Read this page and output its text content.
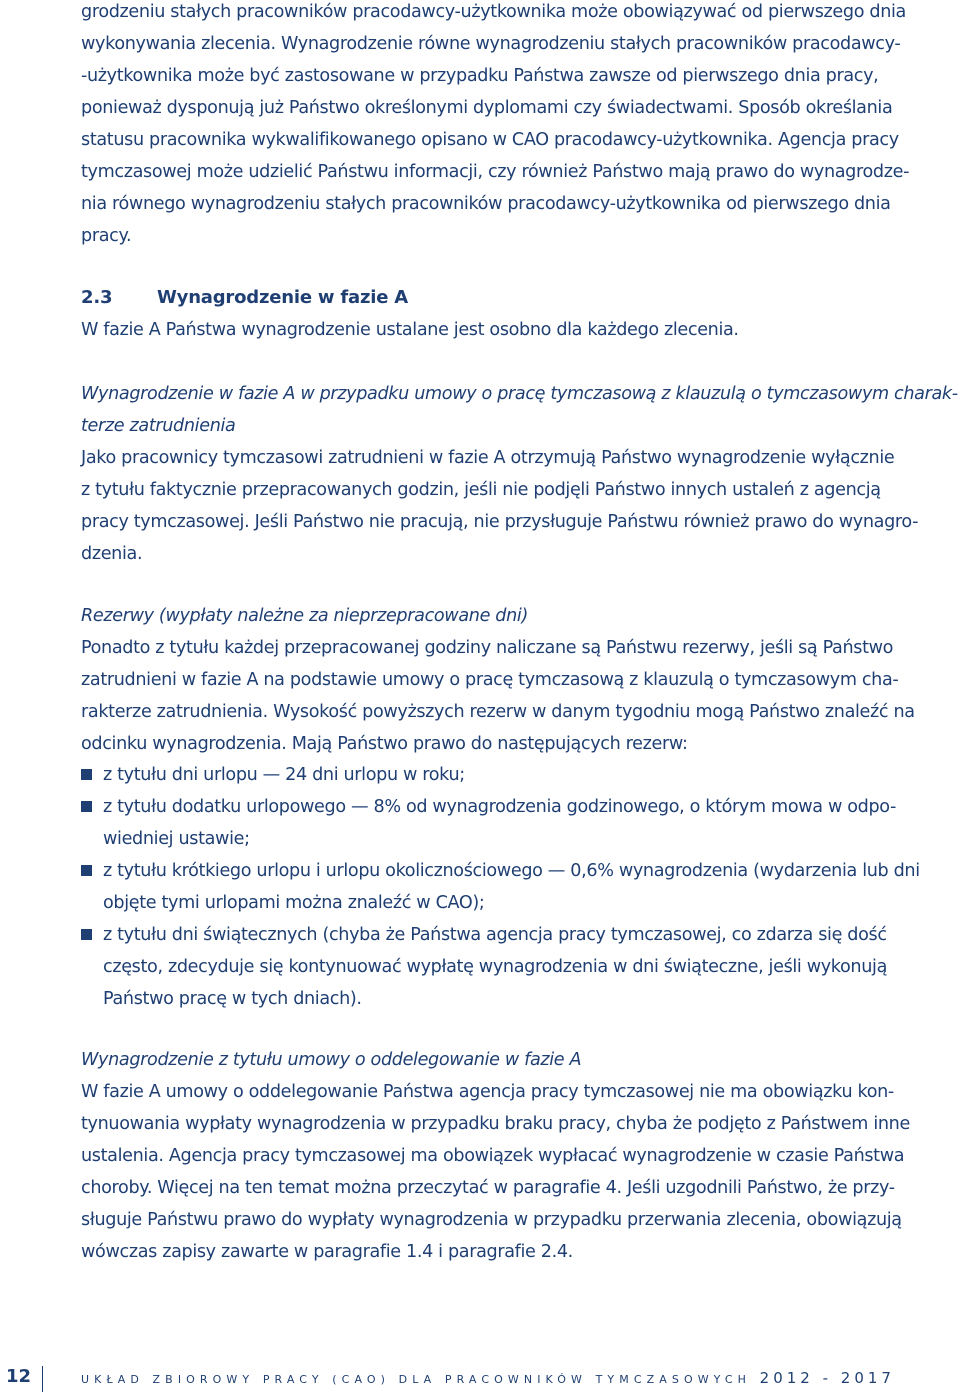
grodzeniu stałych pracowników pracodawcy-użytkownika może obowiązywać od pierwszego dnia
wykonywania zlecenia. Wynagrodzenie równe wynagrodzeniu stałych pracowników pracodawcy-
-użytkownika może być zastosowane w przypadku Państwa zawsze od pierwszego dnia pracy,
ponieważ dysponują już Państwo określonymi dyplomami czy świadectwami. Sposób określania
statusu pracownika wykwalifikowanego opisano w CAO pracodawcy-użytkownika. Agencja pracy
tymczasowej może udzielić Państwu informacji, czy również Państwo mają prawo do wynagrodze-
nia równego wynagrodzeniu stałych pracowników pracodawcy-użytkownika od pierwszego dnia
pracy.
2.3 Wynagrodzenie w fazie A
W fazie A Państwa wynagrodzenie ustalane jest osobno dla każdego zlecenia.
Wynagrodzenie w fazie A w przypadku umowy o pracę tymczasową z klauzulą o tymczasowym charak-
terze zatrudnienia
Jako pracownicy tymczasowi zatrudnieni w fazie A otrzymują Państwo wynagrodzenie wyłącznie
z tytułu faktycznie przepracowanych godzin, jeśli nie podjęli Państwo innych ustaleń z agencją
pracy tymczasowej. Jeśli Państwo nie pracują, nie przysługuje Państwu również prawo do wynagro-
dzenia.
Rezerwy (wypłaty należne za nieprzepracowane dni)
Ponadto z tytułu każdej przepracowanej godziny naliczane są Państwu rezerwy, jeśli są Państwo
zatrudnieni w fazie A na podstawie umowy o pracę tymczasową z klauzulą o tymczasowym cha-
rakterze zatrudnienia. Wysokość powyższych rezerw w danym tygodniu mogą Państwo znaleźć na
odcinku wynagrodzenia. Mają Państwo prawo do następujących rezerw:
z tytułu dni urlopu — 24 dni urlopu w roku;
z tytułu dodatku urlopowego — 8% od wynagrodzenia godzinowego, o którym mowa w odpo-
wiedniej ustawie;
z tytułu krótkiego urlopu i urlopu okolicznościowego — 0,6% wynagrodzenia (wydarzenia lub dni
objęte tymi urlopami można znaleźć w CAO);
z tytułu dni świątecznych (chyba że Państwa agencja pracy tymczasowej, co zdarza się dość
często, zdecyduje się kontynuować wypłatę wynagrodzenia w dni świąteczne, jeśli wykonują
Państwo pracę w tych dniach).
Wynagrodzenie z tytułu umowy o oddelegowanie w fazie A
W fazie A umowy o oddelegowanie Państwa agencja pracy tymczasowej nie ma obowiązku kon-
tynuowania wypłaty wynagrodzenia w przypadku braku pracy, chyba że podjęto z Państwem inne
ustalenia. Agencja pracy tymczasowej ma obowiązek wypłacać wynagrodzenie w czasie Państwa
choroby. Więcej na ten temat można przeczytać w paragrafie 4. Jeśli uzgodnili Państwo, że przy-
sługuje Państwu prawo do wypłaty wynagrodzenia w przypadku przerwania zlecenia, obowiązują
wówczas zapisy zawarte w paragrafie 1.4 i paragrafie 2.4.
12	UKŁAD ZBIOROWY PRACY (CAO) DLA PRACOWNIKÓW TYMCZASOWYCH 2012 - 2017
